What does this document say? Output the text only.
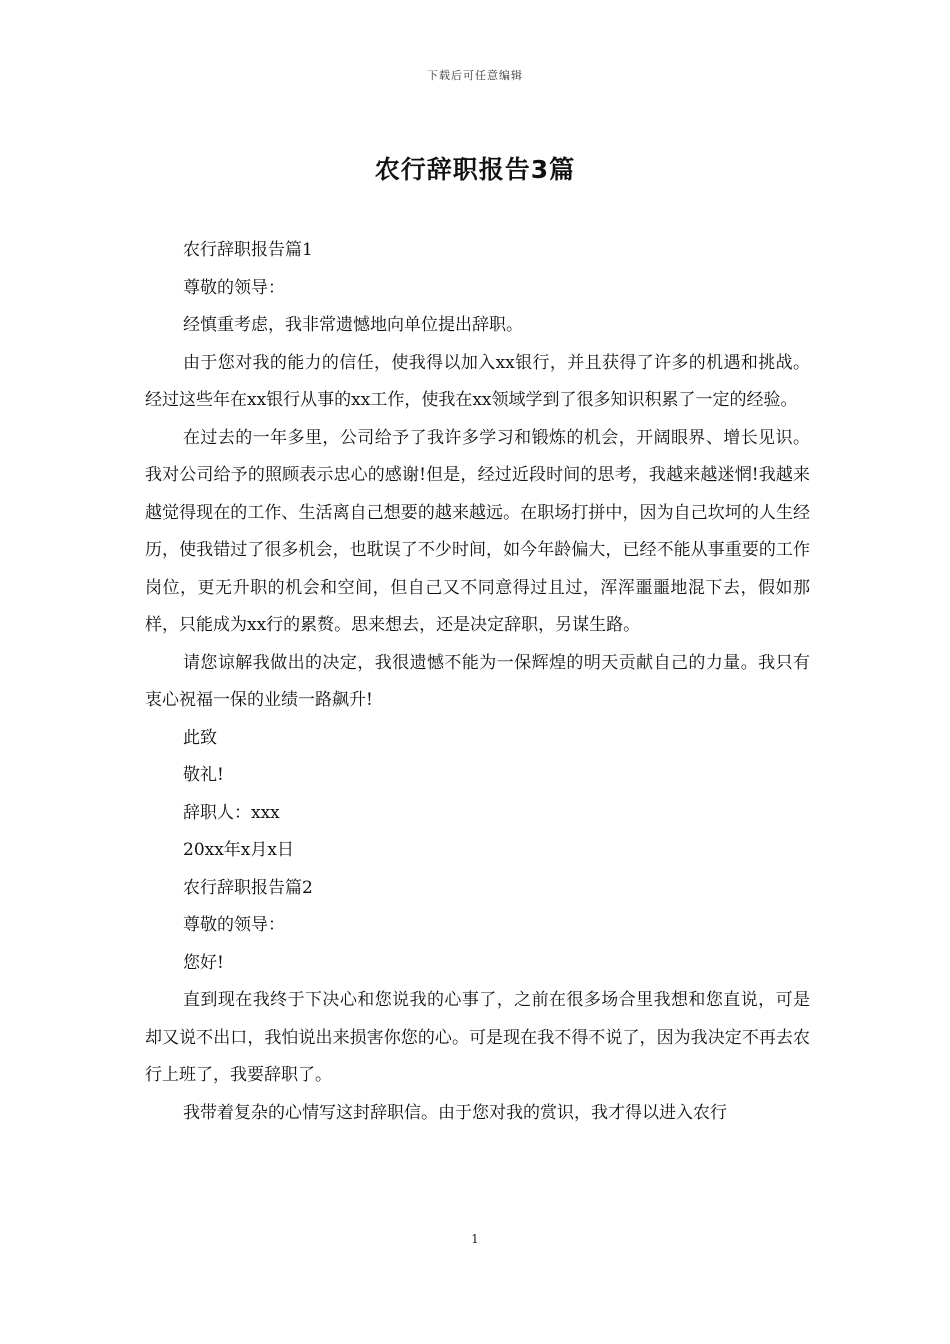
下载后可任意编辑
农行辞职报告3篇

农行辞职报告篇1

尊敬的领导：

经慎重考虑，我非常遗憾地向单位提出辞职。

由于您对我的能力的信任，使我得以加入xx银行，并且获得了许多的机遇和挑战。经过这些年在xx银行从事的xx工作，使我在xx领域学到了很多知识积累了一定的经验。

在过去的一年多里，公司给予了我许多学习和锻炼的机会，开阔眼界、增长见识。我对公司给予的照顾表示忠心的感谢!但是，经过近段时间的思考，我越来越迷惘!我越来越觉得现在的工作、生活离自己想要的越来越远。在职场打拼中，因为自己坎坷的人生经历，使我错过了很多机会，也耽误了不少时间，如今年龄偏大，已经不能从事重要的工作岗位，更无升职的机会和空间，但自己又不同意得过且过，浑浑噩噩地混下去，假如那样，只能成为xx行的累赘。思来想去，还是决定辞职，另谋生路。

请您谅解我做出的决定，我很遗憾不能为一保辉煌的明天贡献自己的力量。我只有衷心祝福一保的业绩一路飙升!

此致

敬礼!

辞职人：xxx

20xx年x月x日

农行辞职报告篇2

尊敬的领导：

您好!

直到现在我终于下决心和您说我的心事了，之前在很多场合里我想和您直说，可是却又说不出口，我怕说出来损害你您的心。可是现在我不得不说了，因为我决定不再去农行上班了，我要辞职了。

我带着复杂的心情写这封辞职信。由于您对我的赏识，我才得以进入农行

1
